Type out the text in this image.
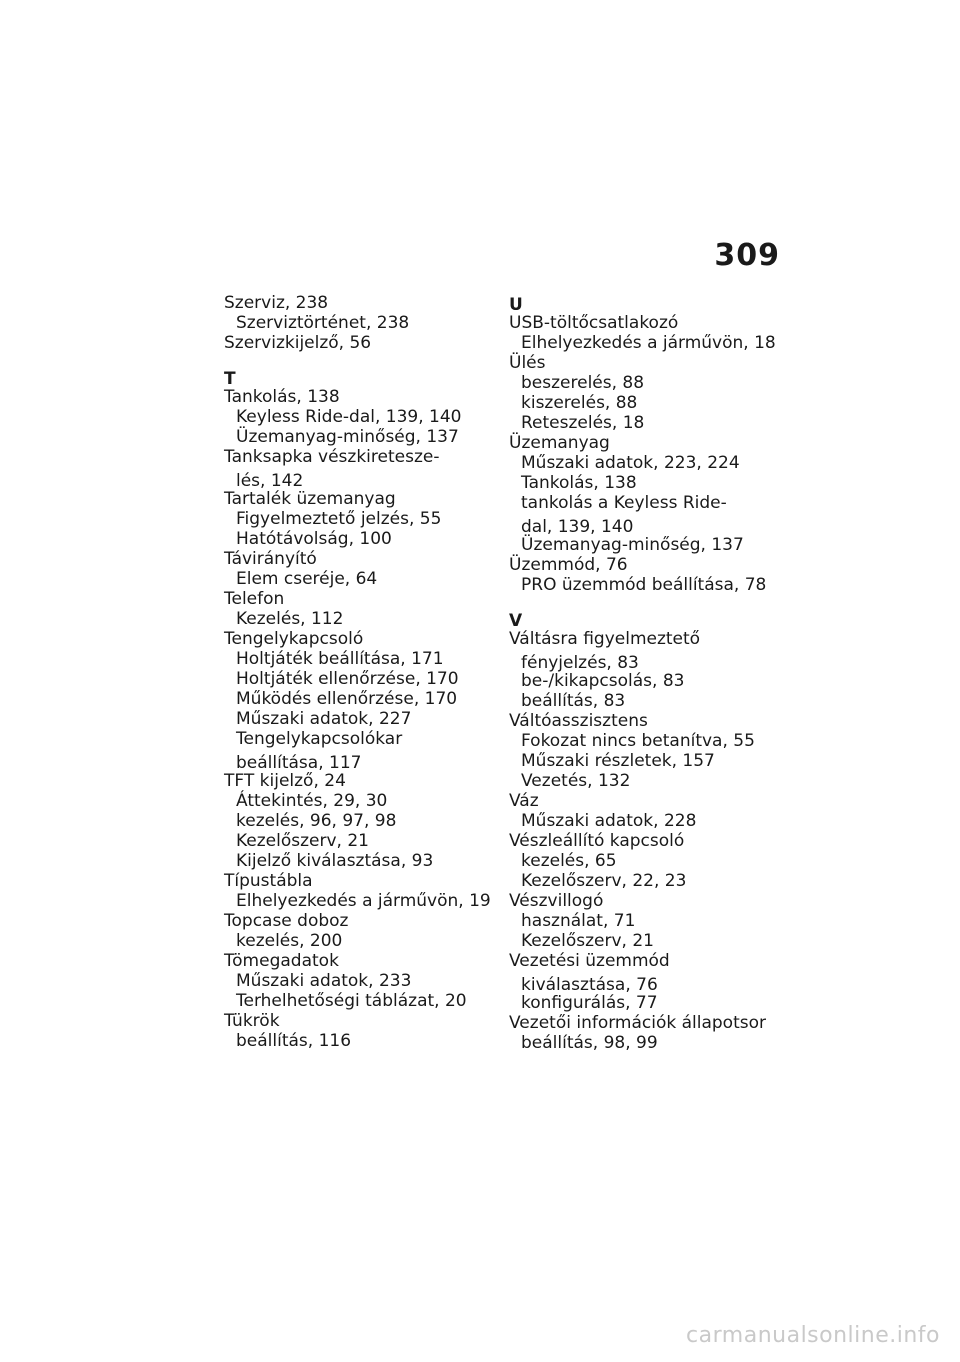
309
Szerviz, 238
Szerviztörténet, 238
Szervizkijelző, 56
T
Tankolás, 138
Keyless Ride-dal, 139, 140
Üzemanyag-minőség, 137
Tanksapka vészkiretesze-
lés, 142
Tartalék üzemanyag
Figyelmeztető jelzés, 55
Hatótávolság, 100
Távirányító
Elem cseréje, 64
Telefon
Kezelés, 112
Tengelykapcsoló
Holtjáték beállítása, 171
Holtjáték ellenőrzése, 170
Működés ellenőrzése, 170
Műszaki adatok, 227
Tengelykapcsolókar
beállítása, 117
TFT kijelző, 24
Áttekintés, 29, 30
kezelés, 96, 97, 98
Kezelőszerv, 21
Kijelző kiválasztása, 93
Típustábla
Elhelyezkedés a járművön, 19
Topcase doboz
kezelés, 200
Tömegadatok
Műszaki adatok, 233
Terhelhetőségi táblázat, 20
Tükrök
beállítás, 116
U
USB-töltőcsatlakozó
Elhelyezkedés a járművön, 18
Ülés
beszerelés, 88
kiszerelés, 88
Reteszelés, 18
Üzemanyag
Műszaki adatok, 223, 224
Tankolás, 138
tankolás a Keyless Ride-
dal, 139, 140
Üzemanyag-minőség, 137
Üzemmód, 76
PRO üzemmód beállítása, 78
V
Váltásra figyelmeztető
fényjelzés, 83
be-/kikapcsolás, 83
beállítás, 83
Váltóasszisztens
Fokozat nincs betanítva, 55
Műszaki részletek, 157
Vezetés, 132
Váz
Műszaki adatok, 228
Vészleállító kapcsoló
kezelés, 65
Kezelőszerv, 22, 23
Vészvillogó
használat, 71
Kezelőszerv, 21
Vezetési üzemmód
kiválasztása, 76
konfigurálás, 77
Vezetői információk állapotsor
beállítás, 98, 99
carmanualsonline.info
